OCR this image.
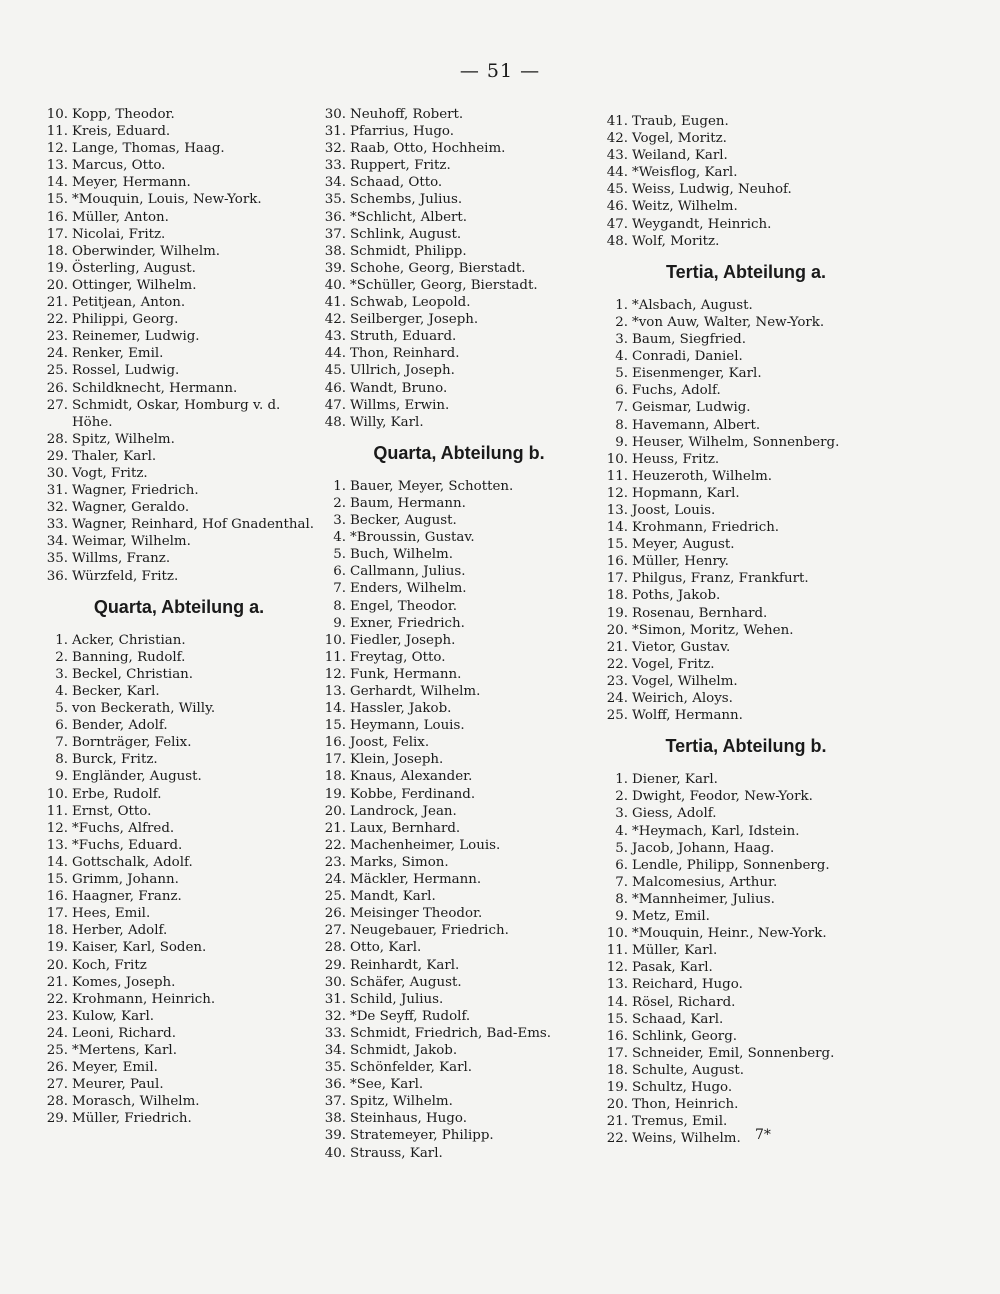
— 51 —
10. Kopp, Theodor.
11. Kreis, Eduard.
12. Lange, Thomas, Haag.
13. Marcus, Otto.
14. Meyer, Hermann.
15. *Mouquin, Louis, New-York.
16. Müller, Anton.
17. Nicolai, Fritz.
18. Oberwinder, Wilhelm.
19. Österling, August.
20. Ottinger, Wilhelm.
21. Petitjean, Anton.
22. Philippi, Georg.
23. Reinemer, Ludwig.
24. Renker, Emil.
25. Rossel, Ludwig.
26. Schildknecht, Hermann.
27. Schmidt, Oskar, Homburg v. d. Höhe.
28. Spitz, Wilhelm.
29. Thaler, Karl.
30. Vogt, Fritz.
31. Wagner, Friedrich.
32. Wagner, Geraldo.
33. Wagner, Reinhard, Hof Gnadenthal.
34. Weimar, Wilhelm.
35. Willms, Franz.
36. Würzfeld, Fritz.
Quarta, Abteilung a.
1. Acker, Christian.
2. Banning, Rudolf.
3. Beckel, Christian.
4. Becker, Karl.
5. von Beckerath, Willy.
6. Bender, Adolf.
7. Bornträger, Felix.
8. Burck, Fritz.
9. Engländer, August.
10. Erbe, Rudolf.
11. Ernst, Otto.
12. *Fuchs, Alfred.
13. *Fuchs, Eduard.
14. Gottschalk, Adolf.
15. Grimm, Johann.
16. Haagner, Franz.
17. Hees, Emil.
18. Herber, Adolf.
19. Kaiser, Karl, Soden.
20. Koch, Fritz
21. Komes, Joseph.
22. Krohmann, Heinrich.
23. Kulow, Karl.
24. Leoni, Richard.
25. *Mertens, Karl.
26. Meyer, Emil.
27. Meurer, Paul.
28. Morasch, Wilhelm.
29. Müller, Friedrich.
30. Neuhoff, Robert.
31. Pfarrius, Hugo.
32. Raab, Otto, Hochheim.
33. Ruppert, Fritz.
34. Schaad, Otto.
35. Schembs, Julius.
36. *Schlicht, Albert.
37. Schlink, August.
38. Schmidt, Philipp.
39. Schohe, Georg, Bierstadt.
40. *Schüller, Georg, Bierstadt.
41. Schwab, Leopold.
42. Seilberger, Joseph.
43. Struth, Eduard.
44. Thon, Reinhard.
45. Ullrich, Joseph.
46. Wandt, Bruno.
47. Willms, Erwin.
48. Willy, Karl.
Quarta, Abteilung b.
1. Bauer, Meyer, Schotten.
2. Baum, Hermann.
3. Becker, August.
4. *Broussin, Gustav.
5. Buch, Wilhelm.
6. Callmann, Julius.
7. Enders, Wilhelm.
8. Engel, Theodor.
9. Exner, Friedrich.
10. Fiedler, Joseph.
11. Freytag, Otto.
12. Funk, Hermann.
13. Gerhardt, Wilhelm.
14. Hassler, Jakob.
15. Heymann, Louis.
16. Joost, Felix.
17. Klein, Joseph.
18. Knaus, Alexander.
19. Kobbe, Ferdinand.
20. Landrock, Jean.
21. Laux, Bernhard.
22. Machenheimer, Louis.
23. Marks, Simon.
24. Mäckler, Hermann.
25. Mandt, Karl.
26. Meisinger Theodor.
27. Neugebauer, Friedrich.
28. Otto, Karl.
29. Reinhardt, Karl.
30. Schäfer, August.
31. Schild, Julius.
32. *De Seyff, Rudolf.
33. Schmidt, Friedrich, Bad-Ems.
34. Schmidt, Jakob.
35. Schönfelder, Karl.
36. *See, Karl.
37. Spitz, Wilhelm.
38. Steinhaus, Hugo.
39. Stratemeyer, Philipp.
40. Strauss, Karl.
41. Traub, Eugen.
42. Vogel, Moritz.
43. Weiland, Karl.
44. *Weisflog, Karl.
45. Weiss, Ludwig, Neuhof.
46. Weitz, Wilhelm.
47. Weygandt, Heinrich.
48. Wolf, Moritz.
Tertia, Abteilung a.
1. *Alsbach, August.
2. *von Auw, Walter, New-York.
3. Baum, Siegfried.
4. Conradi, Daniel.
5. Eisenmenger, Karl.
6. Fuchs, Adolf.
7. Geismar, Ludwig.
8. Havemann, Albert.
9. Heuser, Wilhelm, Sonnenberg.
10. Heuss, Fritz.
11. Heuzeroth, Wilhelm.
12. Hopmann, Karl.
13. Joost, Louis.
14. Krohmann, Friedrich.
15. Meyer, August.
16. Müller, Henry.
17. Philgus, Franz, Frankfurt.
18. Poths, Jakob.
19. Rosenau, Bernhard.
20. *Simon, Moritz, Wehen.
21. Vietor, Gustav.
22. Vogel, Fritz.
23. Vogel, Wilhelm.
24. Weirich, Aloys.
25. Wolff, Hermann.
Tertia, Abteilung b.
1. Diener, Karl.
2. Dwight, Feodor, New-York.
3. Giess, Adolf.
4. *Heymach, Karl, Idstein.
5. Jacob, Johann, Haag.
6. Lendle, Philipp, Sonnenberg.
7. Malcomesius, Arthur.
8. *Mannheimer, Julius.
9. Metz, Emil.
10. *Mouquin, Heinr., New-York.
11. Müller, Karl.
12. Pasak, Karl.
13. Reichard, Hugo.
14. Rösel, Richard.
15. Schaad, Karl.
16. Schlink, Georg.
17. Schneider, Emil, Sonnenberg.
18. Schulte, August.
19. Schultz, Hugo.
20. Thon, Heinrich.
21. Tremus, Emil.
22. Weins, Wilhelm. 7*
